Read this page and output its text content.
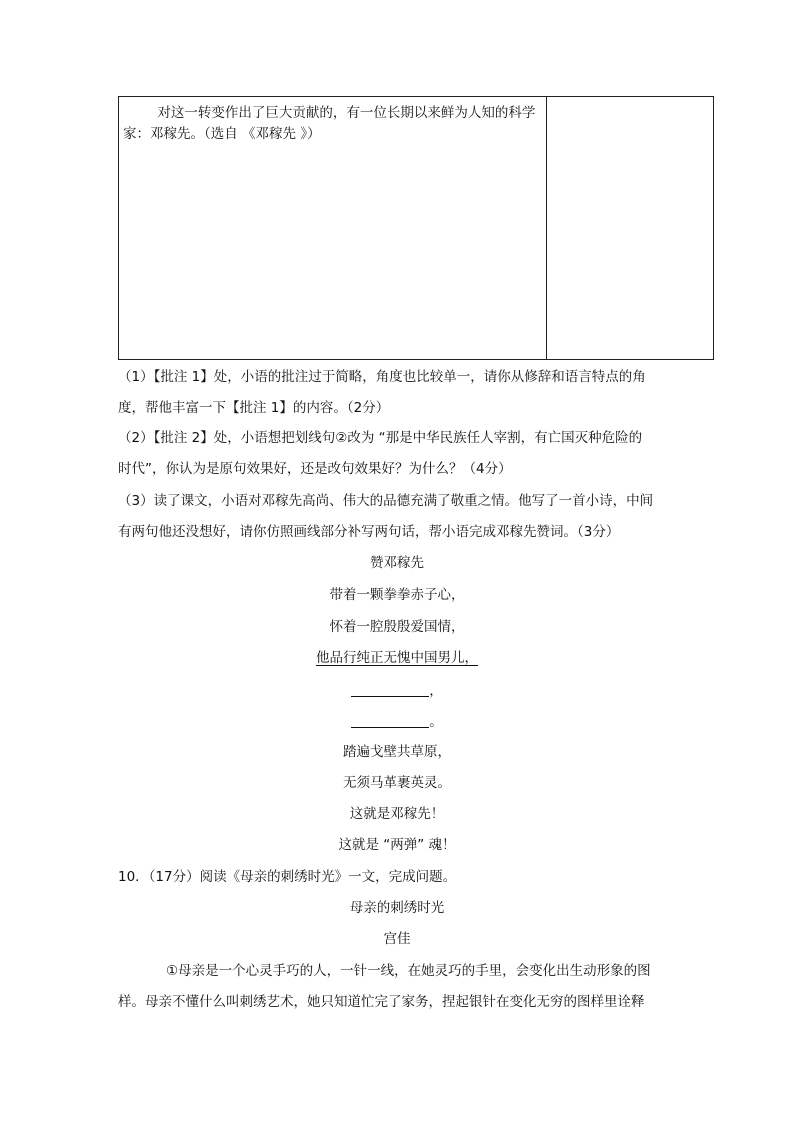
对这一转变作出了巨大贡献的，有一位长期以来鲜为人知的科学家：邓稼先。（选自 《邓稼先 》）
（1）【批注 1】处，小语的批注过于简略，角度也比较单一，请你从修辞和语言特点的角
度，帮他丰富一下【批注 1】的内容。（2分）
（2）【批注 2】处，小语想把划线句②改为 “那是中华民族任人宰割，有亡国灭种危险的
时代”，你认为是原句效果好，还是改句效果好？为什么？（4分）
（3）读了课文，小语对邓稼先高尚、伟大的品德充满了敬重之情。他写了一首小诗，中间
有两句他还没想好，请你仿照画线部分补写两句话，帮小语完成邓稼先赞词。（3分）
赞邓稼先
带着一颗拳拳赤子心，
怀着一腔殷殷爱国情，
他品行纯正无愧中国男儿，
，
。
踏遍戈壁共草原，
无须马革裹英灵。
这就是邓稼先！
这就是 “两弹” 魂！
10．（17分）阅读《母亲的刺绣时光》一文，完成问题。
母亲的刺绣时光
宫佳
①母亲是一个心灵手巧的人，一针一线，在她灵巧的手里，会变化出生动形象的图
样。母亲不懂什么叫刺绣艺术，她只知道忙完了家务，捏起银针在变化无穷的图样里诠释
